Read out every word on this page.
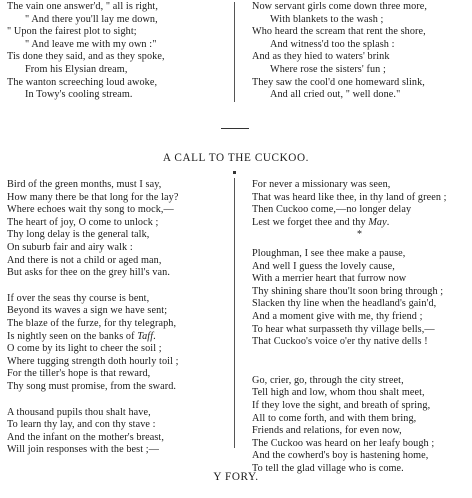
The vain one answer'd, " all is right,
" And there you'll lay me down,
" Upon the fairest plot to sight;
" And leave me with my own :"
Tis done they said, and as they spoke,
From his Elysian dream,
The wanton screeching loud awoke,
In Towy's cooling stream.
Now servant girls come down three more,
With blankets to the wash ;
Who heard the scream that rent the shore,
And witness'd too the splash :
And as they hied to waters' brink
Where rose the sisters' fun ;
They saw the cool'd one homeward slink,
And all cried out, " well done."
A CALL TO THE CUCKOO.
Bird of the green months, must I say,
How many there be that long for the lay?
Where echoes wait thy song to mock,—
The heart of joy, O come to unlock ;
Thy long delay is the general talk,
On suburb fair and airy walk :
And there is not a child or aged man,
But asks for thee on the grey hill's van.
If over the seas thy course is bent,
Beyond its waves a sign we have sent;
The blaze of the furze, for thy telegraph,
Is nightly seen on the banks of Taff.
O come by its light to cheer the soil ;
Where tugging strength doth hourly toil ;
For the tiller's hope is that reward,
Thy song must promise, from the sward.
A thousand pupils thou shalt have,
To learn thy lay, and con thy stave :
And the infant on the mother's breast,
Will join responses with the best ;—
For never a missionary was seen,
That was heard like thee, in thy land of green ;
Then Cuckoo come,—no longer delay
Lest we forget thee and thy May.
*
Ploughman, I see thee make a pause,
And well I guess the lovely cause,
With a merrier heart that furrow now
Thy shining share thou'lt soon bring through ;
Slacken thy line when the headland's gain'd,
And a moment give with me, thy friend ;
To hear what surpasseth thy village bells,—
That Cuckoo's voice o'er thy native dells !
Go, crier, go, through the city street,
Tell high and low, whom thou shalt meet,
If they love the sight, and breath of spring,
All to come forth, and with them bring,
Friends and relations, for even now,
The Cuckoo was heard on her leafy bough ;
And the cowherd's boy is hastening home,
To tell the glad village who is come.
Y FORY.
